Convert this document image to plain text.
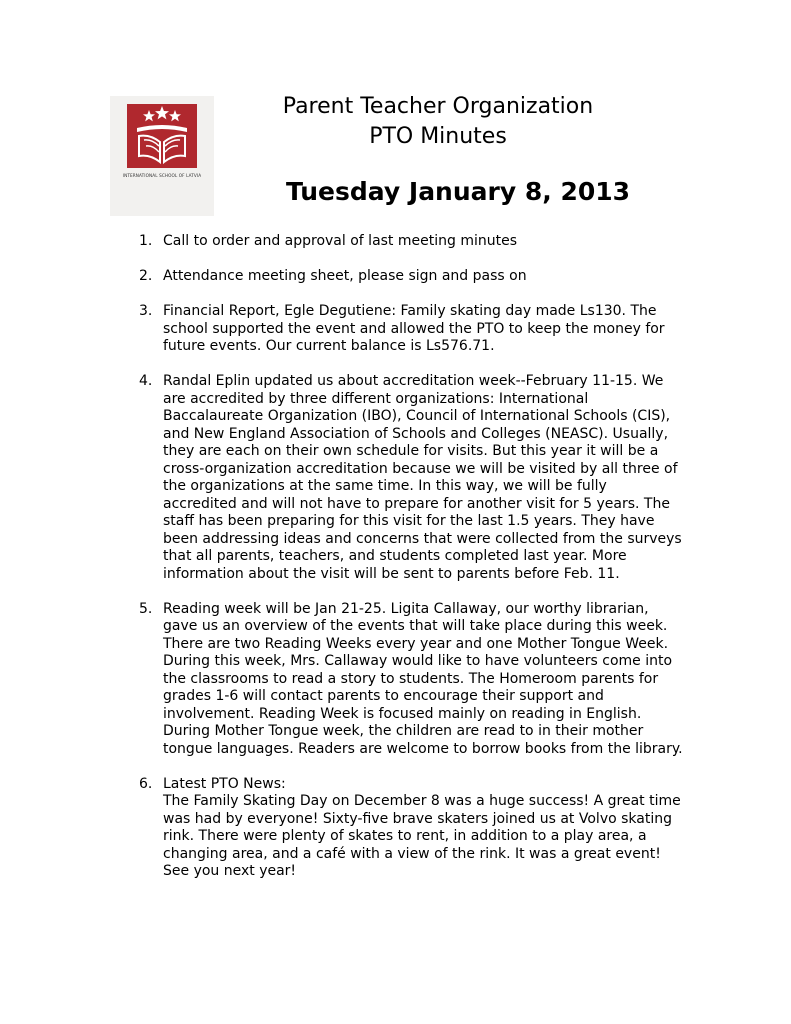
INTERNATIONAL SCHOOL OF LATVIA
Parent Teacher Organization
PTO Minutes
Tuesday January 8, 2013
1. Call to order and approval of last meeting minutes

2. Attendance meeting sheet, please sign and pass on

3. Financial Report, Egle Degutiene: Family skating day made Ls130. The school supported the event and allowed the PTO to keep the money for future events. Our current balance is Ls576.71.

4. Randal Eplin updated us about accreditation week--February 11-15. We are accredited by three different organizations: International Baccalaureate Organization (IBO), Council of International Schools (CIS), and New England Association of Schools and Colleges (NEASC). Usually, they are each on their own schedule for visits. But this year it will be a cross-organization accreditation because we will be visited by all three of the organizations at the same time. In this way, we will be fully accredited and will not have to prepare for another visit for 5 years. The staff has been preparing for this visit for the last 1.5 years. They have been addressing ideas and concerns that were collected from the surveys that all parents, teachers, and students completed last year. More information about the visit will be sent to parents before Feb. 11.

5. Reading week will be Jan 21-25. Ligita Callaway, our worthy librarian, gave us an overview of the events that will take place during this week. There are two Reading Weeks every year and one Mother Tongue Week. During this week, Mrs. Callaway would like to have volunteers come into the classrooms to read a story to students. The Homeroom parents for grades 1-6 will contact parents to encourage their support and involvement. Reading Week is focused mainly on reading in English. During Mother Tongue week, the children are read to in their mother tongue languages. Readers are welcome to borrow books from the library.

6. Latest PTO News:

The Family Skating Day on December 8 was a huge success! A great time was had by everyone! Sixty-five brave skaters joined us at Volvo skating rink. There were plenty of skates to rent, in addition to a play area, a changing area, and a café with a view of the rink. It was a great event! See you next year!
